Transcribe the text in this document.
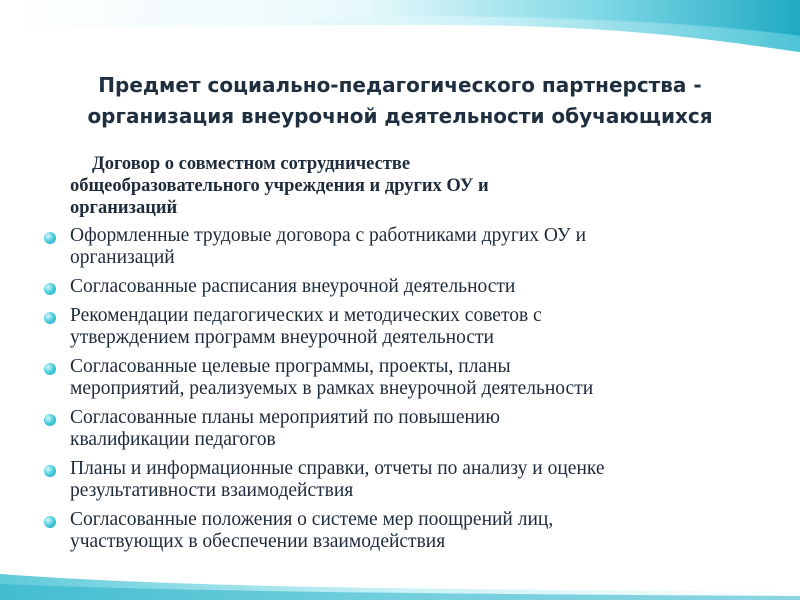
Предмет социально-педагогического партнерства -
организация внеурочной деятельности обучающихся
Договор о совместном сотрудничестве
общеобразовательного учреждения и других ОУ и
организаций
Оформленные трудовые договора с работниками других ОУ и
организаций
Согласованные расписания внеурочной деятельности
Рекомендации педагогических и методических советов с
утверждением программ внеурочной деятельности
Согласованные целевые программы, проекты, планы
мероприятий, реализуемых в рамках внеурочной деятельности
Согласованные планы мероприятий по повышению
квалификации педагогов
Планы и информационные справки, отчеты по анализу и оценке
результативности взаимодействия
Согласованные положения о системе мер поощрений лиц,
участвующих в обеспечении взаимодействия
